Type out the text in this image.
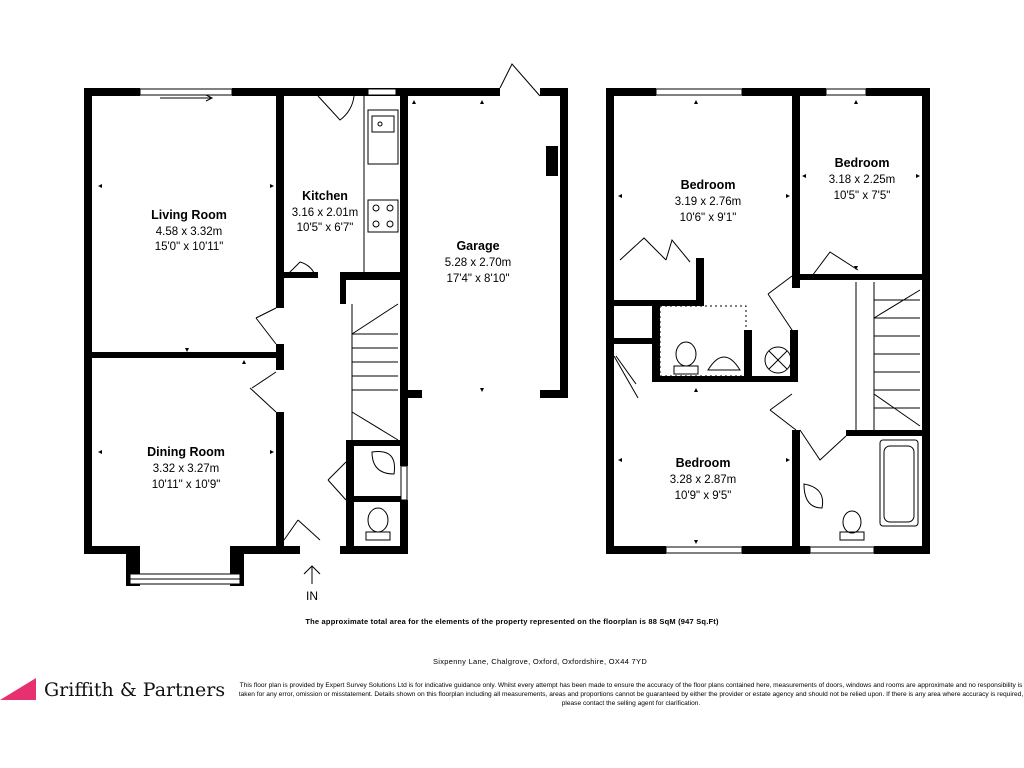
Living Room
4.58 x 3.32m
15'0" x 10'11"
Dining Room
3.32 x 3.27m
10'11" x 10'9"
Kitchen
3.16 x 2.01m
10'5" x 6'7"
Garage
5.28 x 2.70m
17'4" x 8'10"
Bedroom
3.19 x 2.76m
10'6" x 9'1"
Bedroom
3.18 x 2.25m
10'5" x 7'5"
Bedroom
3.28 x 2.87m
10'9" x 9'5"
IN
The approximate total area for the elements of the property represented on the floorplan is 88 SqM (947 Sq.Ft)
Sixpenny Lane, Chalgrove, Oxford, Oxfordshire, OX44 7YD
Griffith & Partners This floor plan is provided by Expert Survey Solutions Ltd is for indicative guidance only. Whilst every attempt has been made to ensure the accuracy of the floor plans contained here, measurements of doors, windows and rooms are approximate and no responsibility is taken for any error, omission or misstatement. Details shown on this floorplan including all measurements, areas and proportions cannot be guaranteed by either the provider or estate agency and should not be relied upon. If there is any area where accuracy is required, please contact the selling agent for clarification.
